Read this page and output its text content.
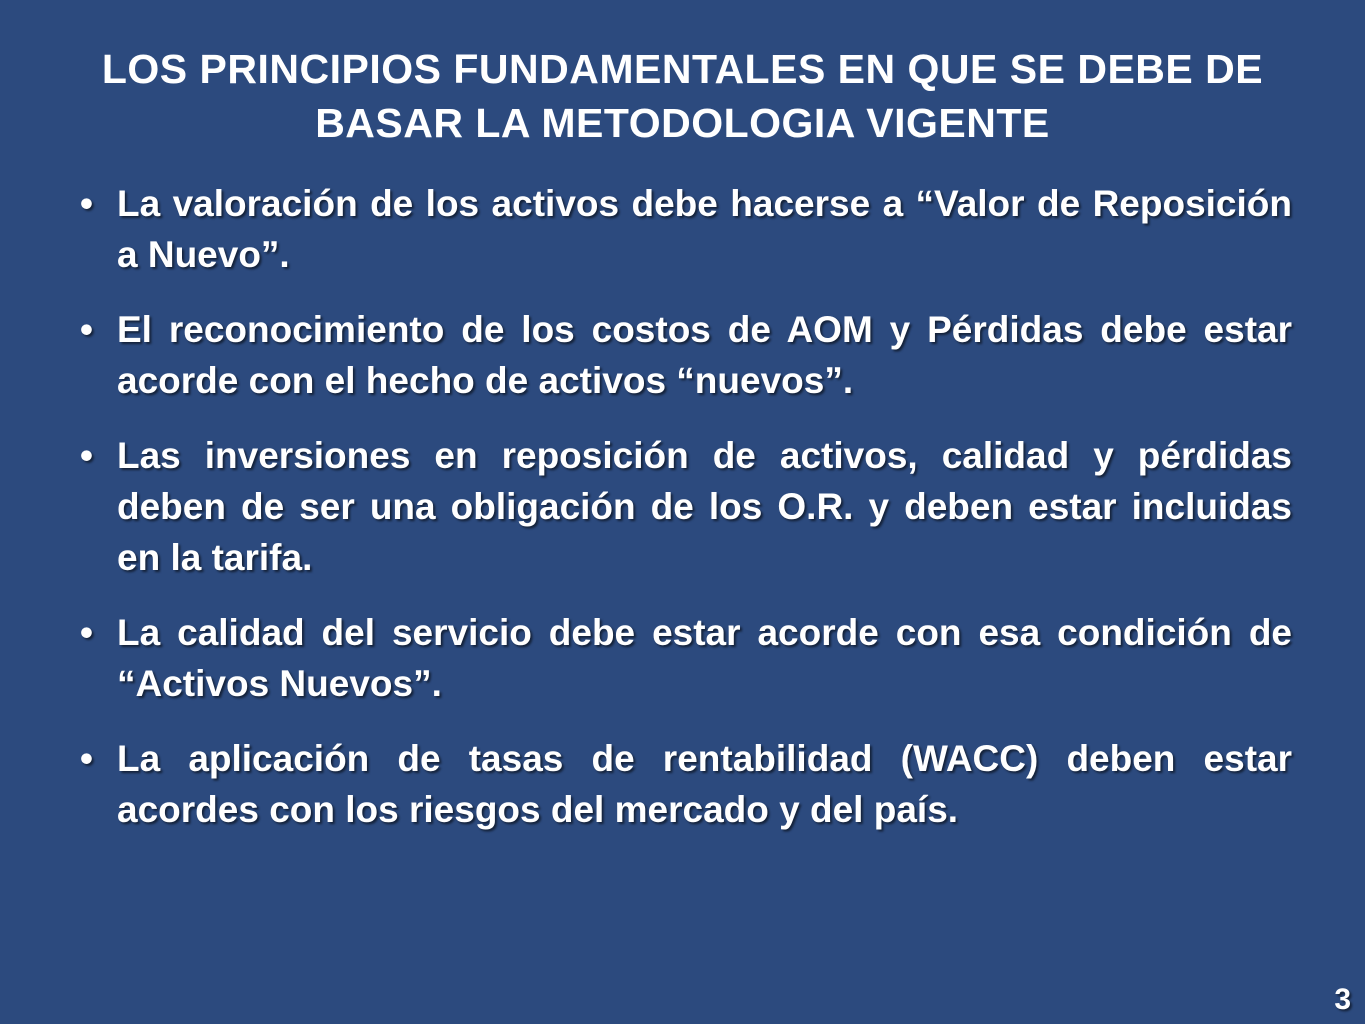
LOS PRINCIPIOS FUNDAMENTALES EN QUE SE DEBE DE BASAR LA METODOLOGIA VIGENTE
• La valoración de los activos debe hacerse a “Valor de Reposición a Nuevo”.
• El reconocimiento de los costos de AOM y Pérdidas debe estar acorde con el hecho de activos “nuevos”.
• Las inversiones en reposición de activos, calidad y pérdidas deben de ser una obligación de los O.R. y deben estar incluidas en la tarifa.
• La calidad del servicio debe estar acorde con esa condición de “Activos Nuevos”.
• La aplicación de tasas de rentabilidad (WACC) deben estar acordes con los riesgos del mercado y del país.
3
